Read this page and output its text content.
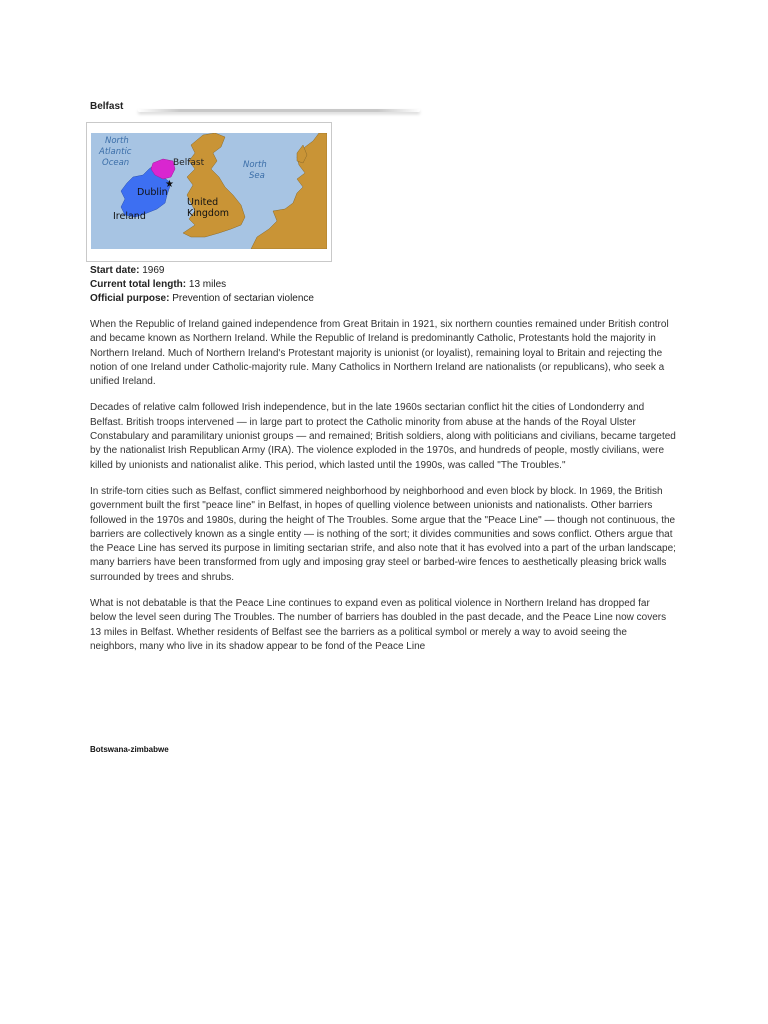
Belfast
North Atlantic Ocean	Belfast
Dublin
★
Ireland
United Kingdom
North Sea
Start date: 1969
Current total length: 13 miles
Official purpose: Prevention of sectarian violence

When the Republic of Ireland gained independence from Great Britain in 1921, six northern counties remained under British control and became known as Northern Ireland. While the Republic of Ireland is predominantly Catholic, Protestants hold the majority in Northern Ireland. Much of Northern Ireland's Protestant majority is unionist (or loyalist), remaining loyal to Britain and rejecting the notion of one Ireland under Catholic-majority rule. Many Catholics in Northern Ireland are nationalists (or republicans), who seek a unified Ireland.

Decades of relative calm followed Irish independence, but in the late 1960s sectarian conflict hit the cities of Londonderry and Belfast. British troops intervened — in large part to protect the Catholic minority from abuse at the hands of the Royal Ulster Constabulary and paramilitary unionist groups — and remained; British soldiers, along with politicians and civilians, became targeted by the nationalist Irish Republican Army (IRA). The violence exploded in the 1970s, and hundreds of people, mostly civilians, were killed by unionists and nationalist alike. This period, which lasted until the 1990s, was called "The Troubles."

In strife-torn cities such as Belfast, conflict simmered neighborhood by neighborhood and even block by block. In 1969, the British government built the first "peace line" in Belfast, in hopes of quelling violence between unionists and nationalists. Other barriers followed in the 1970s and 1980s, during the height of The Troubles. Some argue that the "Peace Line" — though not continuous, the barriers are collectively known as a single entity — is nothing of the sort; it divides communities and sows conflict. Others argue that the Peace Line has served its purpose in limiting sectarian strife, and also note that it has evolved into a part of the urban landscape; many barriers have been transformed from ugly and imposing gray steel or barbed-wire fences to aesthetically pleasing brick walls surrounded by trees and shrubs.

What is not debatable is that the Peace Line continues to expand even as political violence in Northern Ireland has dropped far below the level seen during The Troubles. The number of barriers has doubled in the past decade, and the Peace Line now covers 13 miles in Belfast. Whether residents of Belfast see the barriers as a political symbol or merely a way to avoid seeing the neighbors, many who live in its shadow appear to be fond of the Peace Line

Botswana-zimbabwe
